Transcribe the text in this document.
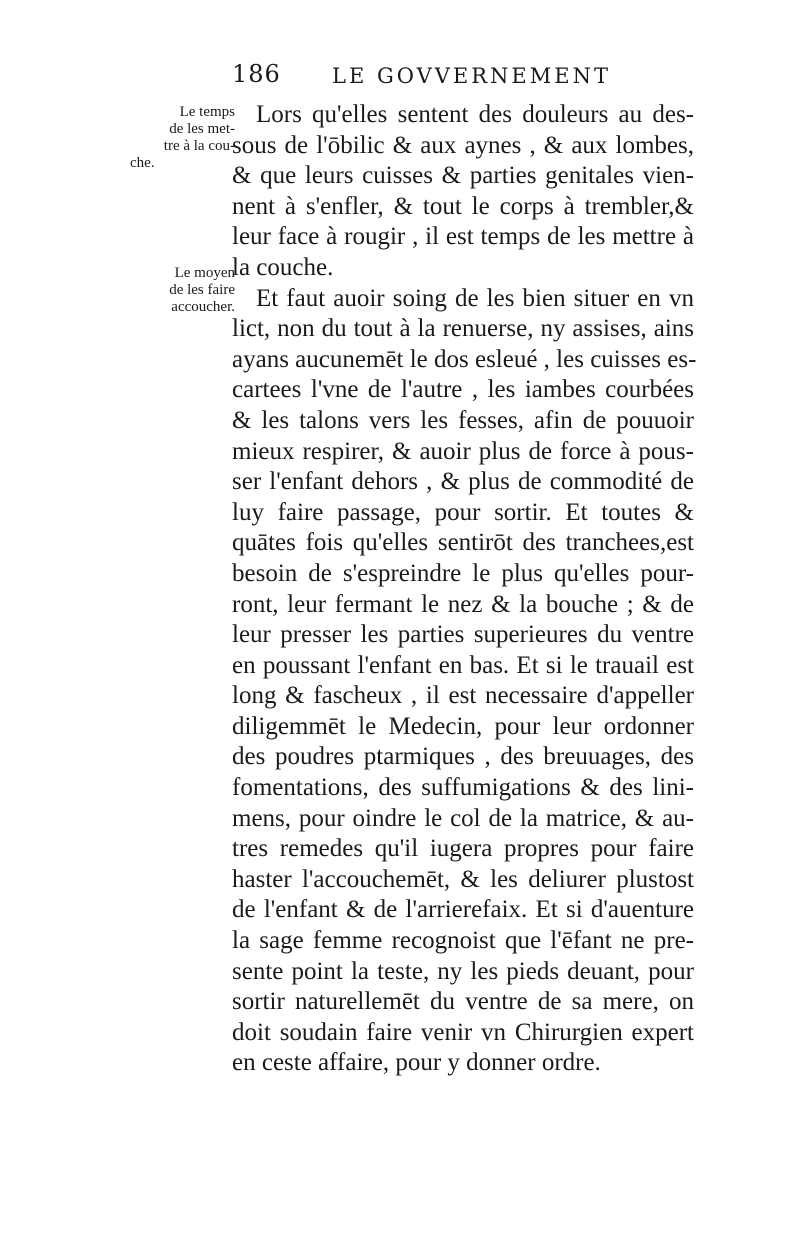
186 LE GOVVERNEMENT
Le temps
de les met-
tre à la cou-
che.
Le moyen
de les faire
accoucher.
Lors qu'elles sentent des douleurs au des-
sous de l'ōbilic & aux aynes , & aux lombes,
& que leurs cuisses & parties genitales vien-
nent à s'enfler, & tout le corps à trembler,&
leur face à rougir , il est temps de les mettre à
la couche.
Et faut auoir soing de les bien situer en vn
lict, non du tout à la renuerse, ny assises, ains
ayans aucunemēt le dos esleué , les cuisses es-
cartees l'vne de l'autre , les iambes courbées
& les talons vers les fesses, afin de pouuoir
mieux respirer, & auoir plus de force à pous-
ser l'enfant dehors , & plus de commodité de
luy faire passage, pour sortir. Et toutes &
quātes fois qu'elles sentirōt des tranchees,est
besoin de s'espreindre le plus qu'elles pour-
ront, leur fermant le nez & la bouche ; & de
leur presser les parties superieures du ventre
en poussant l'enfant en bas. Et si le trauail est
long & fascheux , il est necessaire d'appeller
diligemmēt le Medecin, pour leur ordonner
des poudres ptarmiques , des breuuages, des
fomentations, des suffumigations & des lini-
mens, pour oindre le col de la matrice, & au-
tres remedes qu'il iugera propres pour faire
haster l'accouchemēt, & les deliurer plustost
de l'enfant & de l'arrierefaix. Et si d'auenture
la sage femme recognoist que l'ēfant ne pre-
sente point la teste, ny les pieds deuant, pour
sortir naturellemēt du ventre de sa mere, on
doit soudain faire venir vn Chirurgien expert
en ceste affaire, pour y donner ordre.
